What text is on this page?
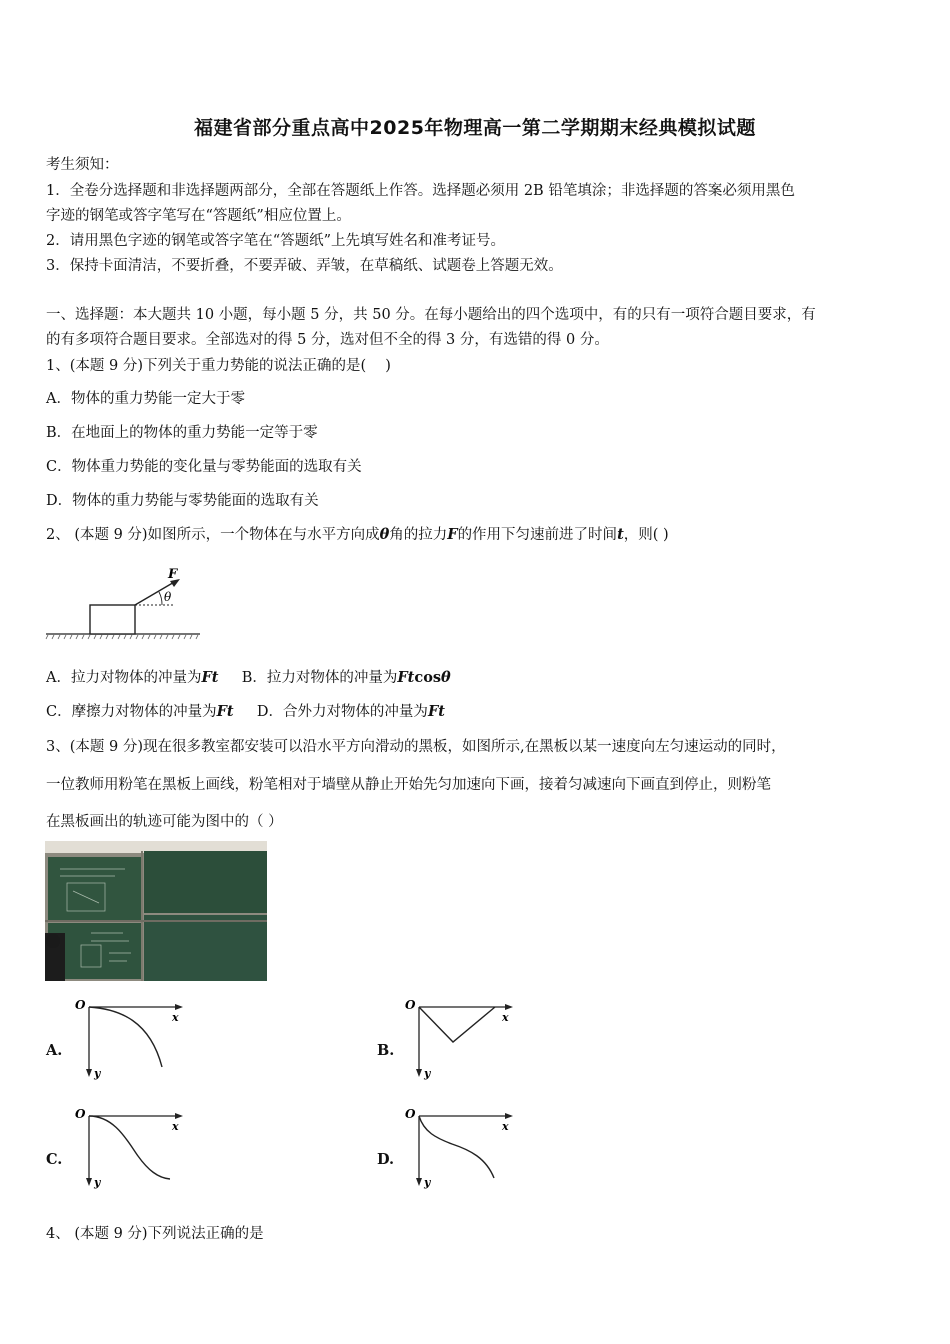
福建省部分重点高中2025年物理高一第二学期期末经典模拟试题
考生须知：
1．全卷分选择题和非选择题两部分，全部在答题纸上作答。选择题必须用 2B 铅笔填涂；非选择题的答案必须用黑色
字迹的钢笔或答字笔写在“答题纸”相应位置上。
2．请用黑色字迹的钢笔或答字笔在“答题纸”上先填写姓名和准考证号。
3．保持卡面清洁，不要折叠，不要弄破、弄皱，在草稿纸、试题卷上答题无效。
一、选择题：本大题共 10 小题，每小题 5 分，共 50 分。在每小题给出的四个选项中，有的只有一项符合题目要求，有
的有多项符合题目要求。全部选对的得 5 分，选对但不全的得 3 分，有选错的得 0 分。
1、(本题 9 分)下列关于重力势能的说法正确的是(　 )
A．物体的重力势能一定大于零
B．在地面上的物体的重力势能一定等于零
C．物体重力势能的变化量与零势能面的选取有关
D．物体的重力势能与零势能面的选取有关
2、 (本题 9 分)如图所示，一个物体在与水平方向成θ角的拉力F的作用下匀速前进了时间t，则( )
F
θ
A．拉力对物体的冲量为Ft B．拉力对物体的冲量为Ftcosθ
C．摩擦力对物体的冲量为Ft D．合外力对物体的冲量为Ft
3、(本题 9 分)现在很多教室都安装可以沿水平方向滑动的黑板，如图所示,在黑板以某一速度向左匀速运动的同时，
一位教师用粉笔在黑板上画线，粉笔相对于墙壁从静止开始先匀加速向下画，接着匀减速向下画直到停止，则粉笔
在黑板画出的轨迹可能为图中的（ ）
A.
O
x
y
B.
O
x
y
C.
O
x
y
D.
O
x
y
4、 (本题 9 分)下列说法正确的是
